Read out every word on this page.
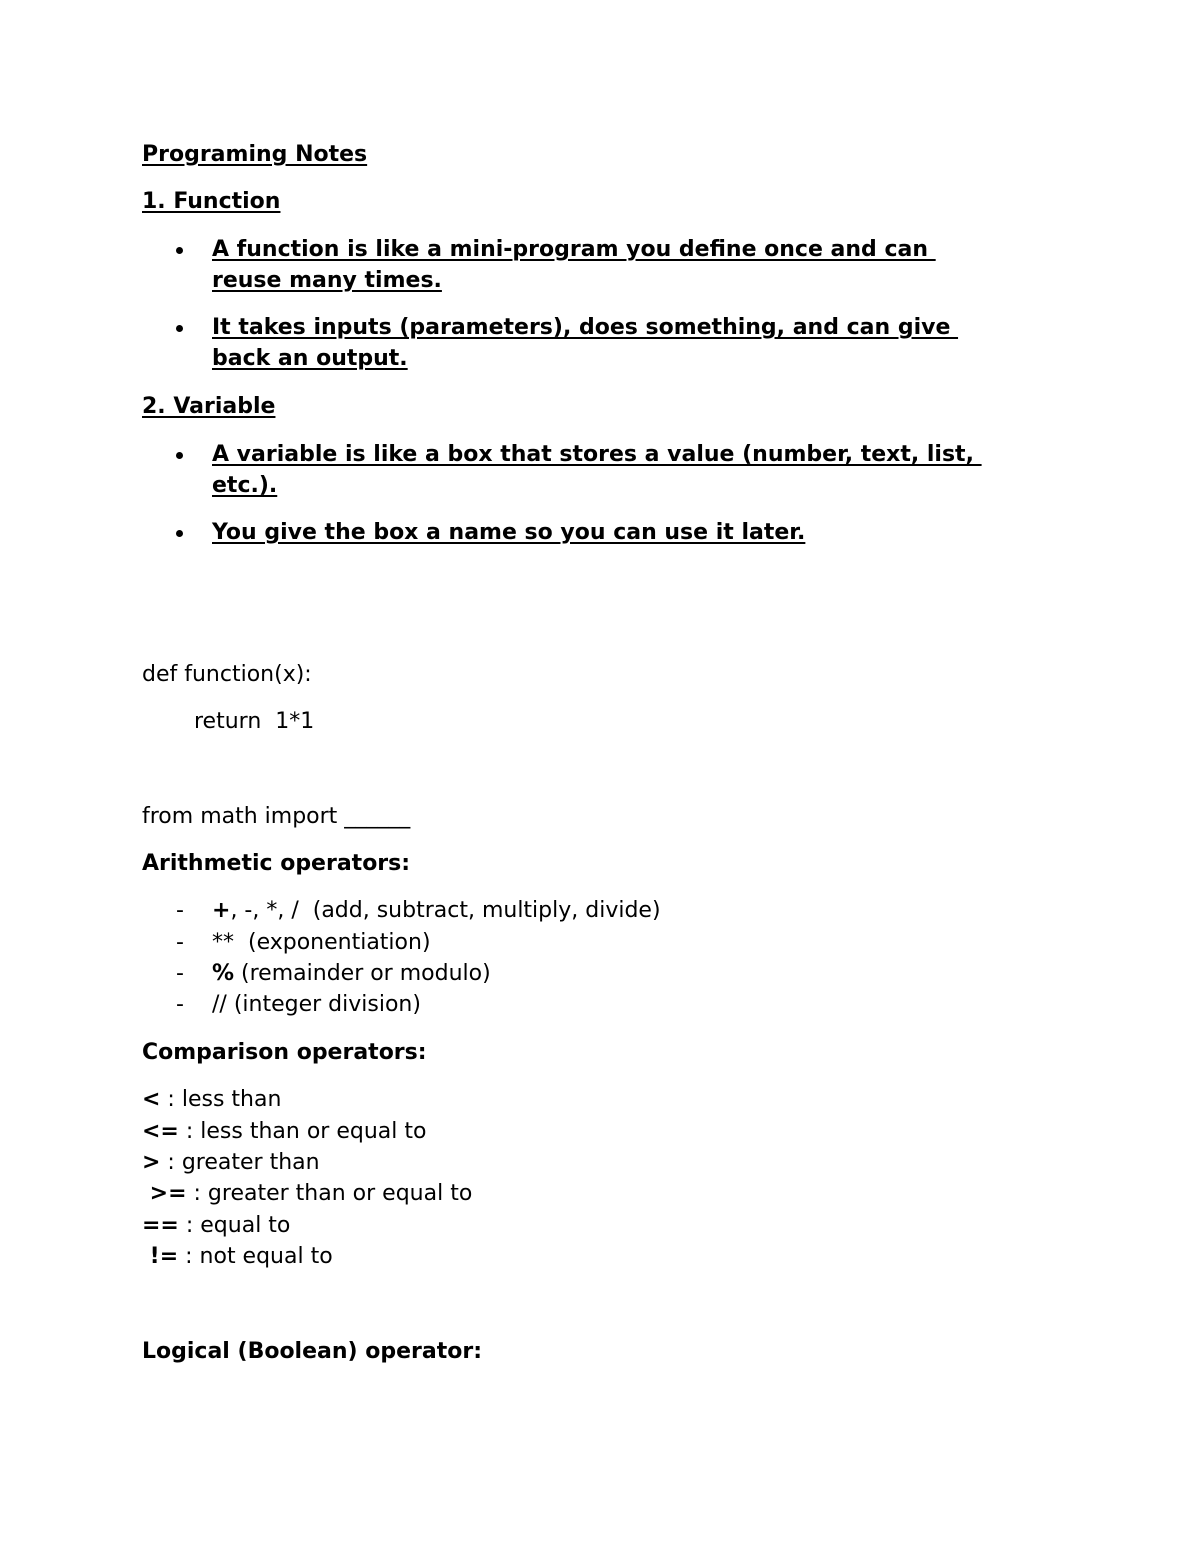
Programing Notes
1. Function
A function is like a mini-program you define once and can
reuse many times.
It takes inputs (parameters), does something, and can give
back an output.
2. Variable
A variable is like a box that stores a value (number, text, list,
etc.).
You give the box a name so you can use it later.
def function(x):
return  1*1
from math import ______
Arithmetic operators:
- +, -, *, /  (add, subtract, multiply, divide)
- **  (exponentiation)
- % (remainder or modulo)
- // (integer division)
Comparison operators:
< : less than
<= : less than or equal to
> : greater than
>= : greater than or equal to
== : equal to
!= : not equal to
Logical (Boolean) operator:
